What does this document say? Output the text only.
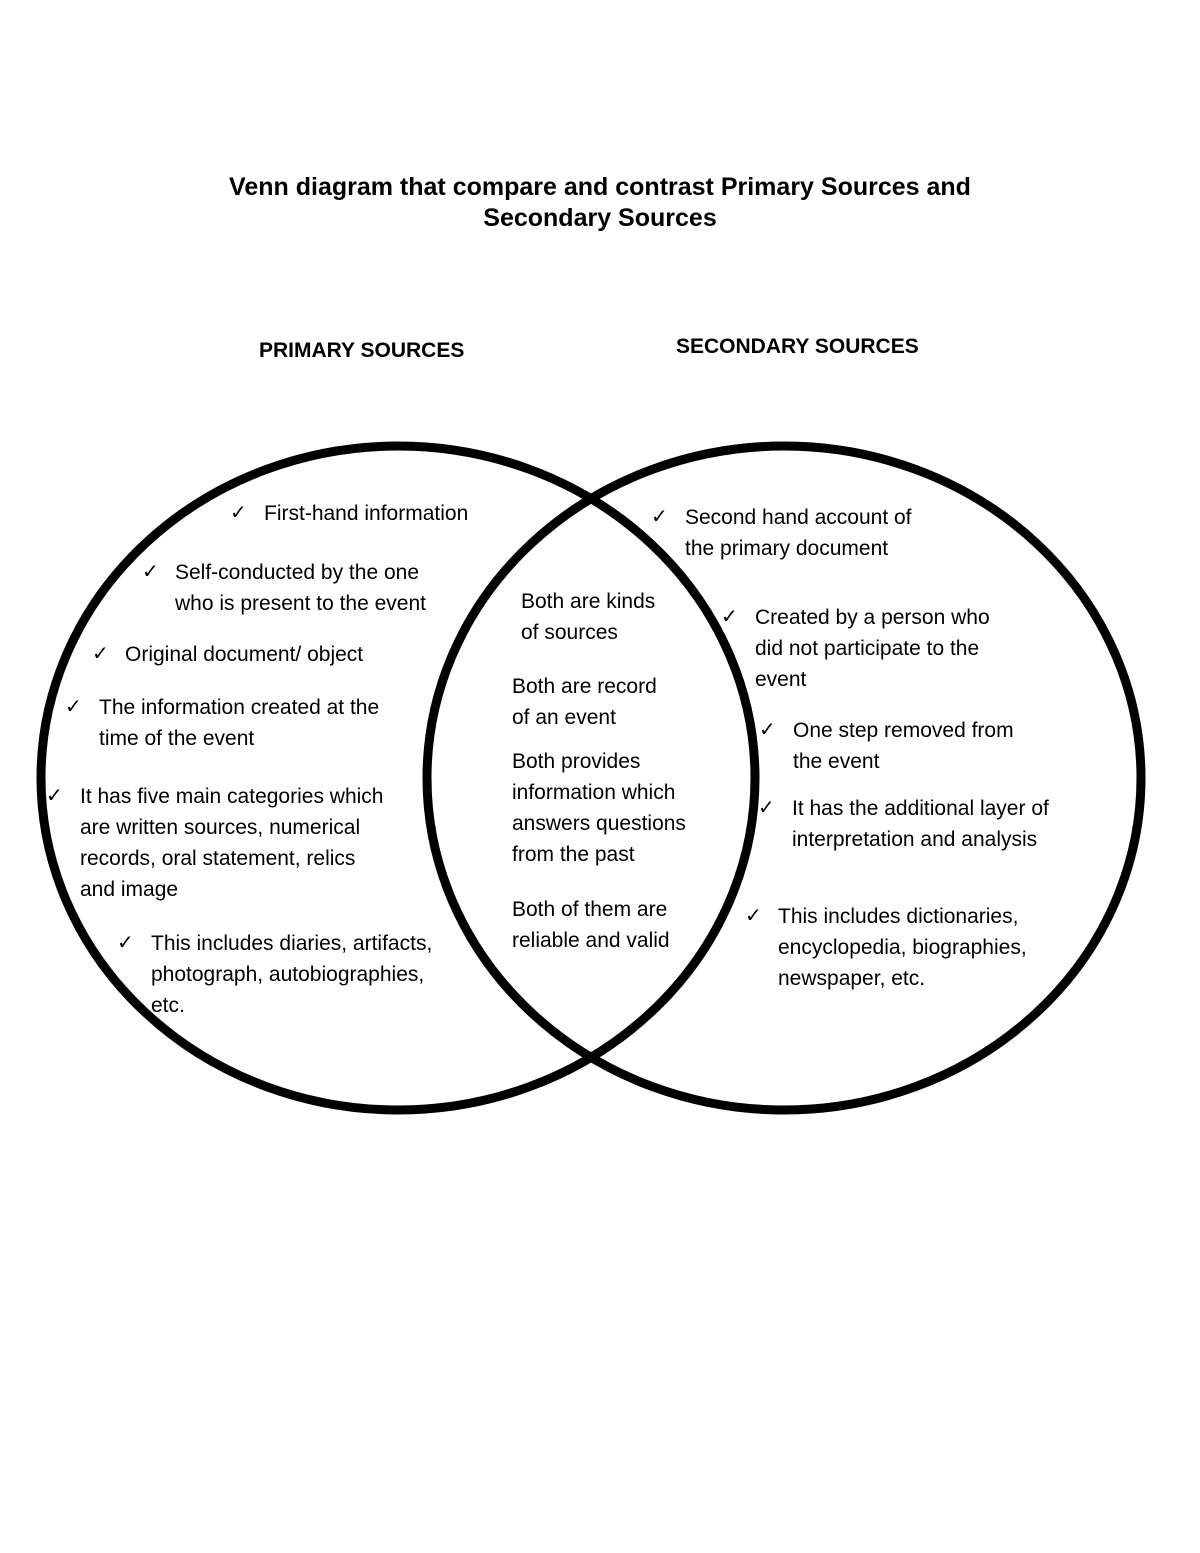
Venn diagram that compare and contrast Primary Sources and
Secondary Sources
PRIMARY SOURCES	SECONDARY SOURCES
✓ First-hand information
✓ Self-conducted by the one
who is present to the event
✓ Original document/ object
✓ The information created at the
time of the event
✓ It has five main categories which
are written sources, numerical
records, oral statement, relics
and image
✓ This includes diaries, artifacts,
photograph, autobiographies,
etc.
Both are kinds
of sources
Both are record
of an event
Both provides
information which
answers questions
from the past
Both of them are
reliable and valid
✓ Second hand account of
the primary document
✓ Created by a person who
did not participate to the
event
✓ One step removed from
the event
✓ It has the additional layer of
interpretation and analysis
✓ This includes dictionaries,
encyclopedia, biographies,
newspaper, etc.
